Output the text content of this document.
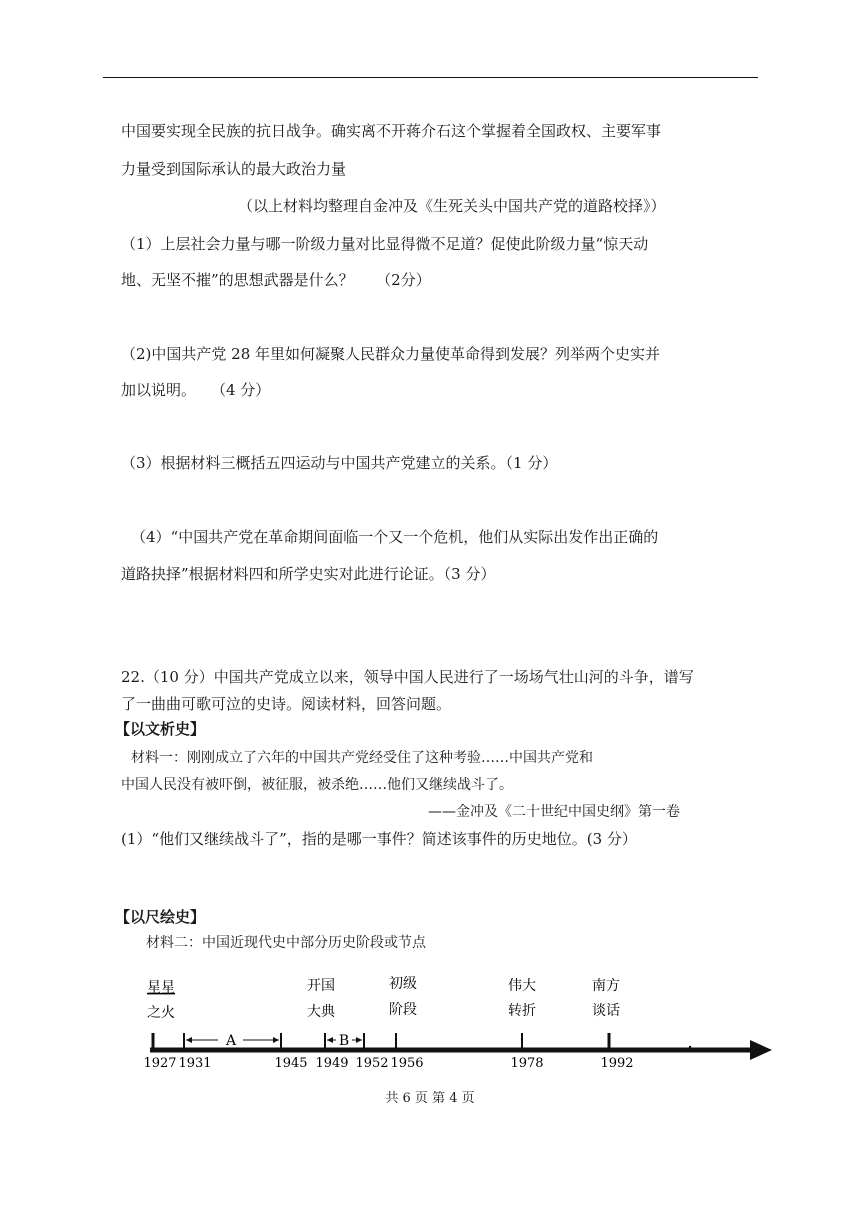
中国要实现全民族的抗日战争。确实离不开蒋介石这个掌握着全国政权、主要军事
力量受到国际承认的最大政治力量
（以上材料均整理自金冲及《生死关头中国共产党的道路校择》）
（1）上层社会力量与哪一阶级力量对比显得微不足道？促使此阶级力量“惊天动
地、无坚不摧”的思想武器是什么？　　（2分）
（2)中国共产党 28 年里如何凝聚人民群众力量使革命得到发展？列举两个史实并
加以说明。　　（4 分）
（3）根据材料三概括五四运动与中国共产党建立的关系。（1 分）
（4）“中国共产党在革命期间面临一个又一个危机，他们从实际出发作出正确的
道路抉择”根据材料四和所学史实对此进行论证。（3 分）
22.（10 分）中国共产党成立以来，领导中国人民进行了一场场气壮山河的斗争，谱写
了一曲曲可歌可泣的史诗。阅读材料，回答问题。
【以文析史】
材料一：刚刚成立了六年的中国共产党经受住了这种考验……中国共产党和
中国人民没有被吓倒，被征服，被杀绝……他们又继续战斗了。
——金冲及《二十世纪中国史纲》第一卷
(1）“他们又继续战斗了”，指的是哪一事件？简述该事件的历史地位。(3 分）
【以尺绘史】
材料二：中国近现代史中部分历史阶段或节点
A	B
1927 1931	1945 1949 1952 1956	1978	1992
星星
之火
开国
大典
初级
阶段
伟大
转折
南方
谈话
共 6 页 第 4 页
